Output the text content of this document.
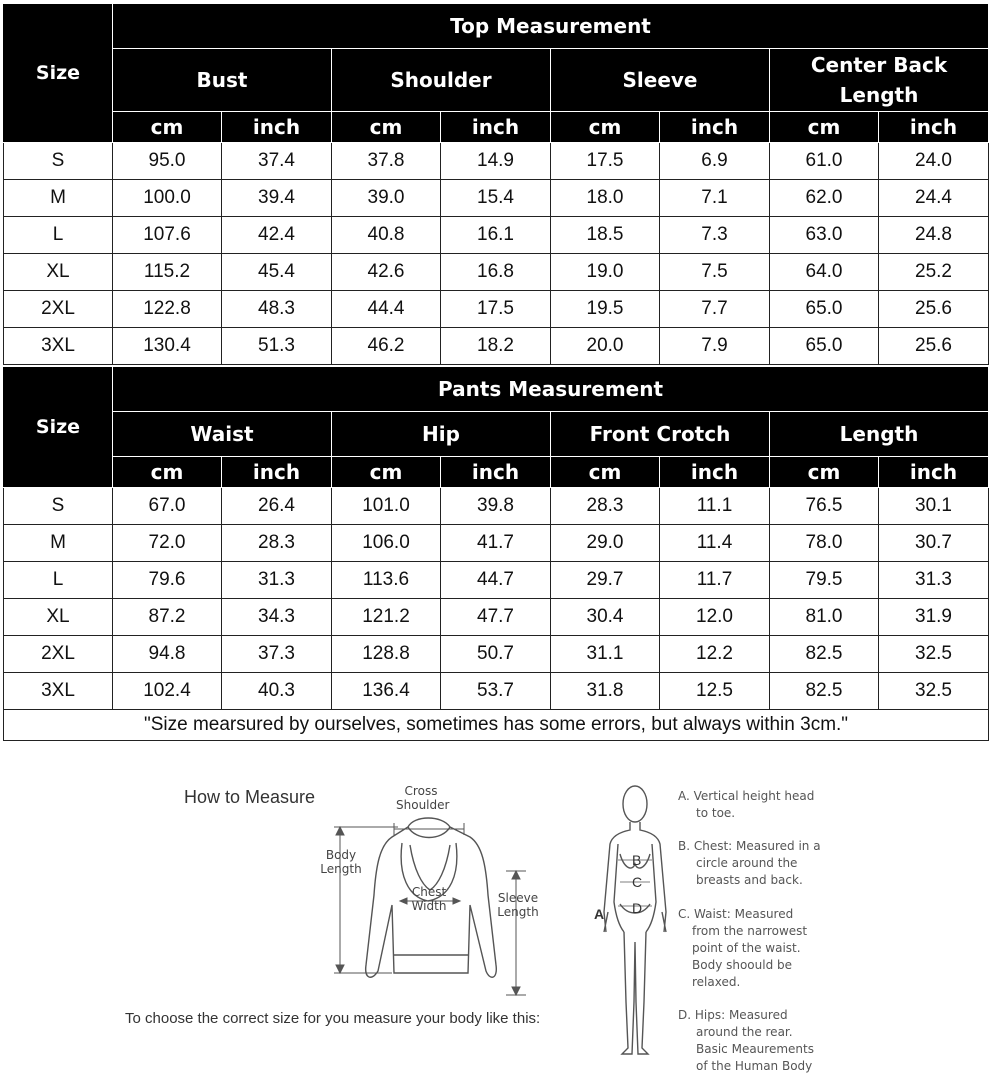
Size	Top Measurement							
	Bust		Shoulder		Sleeve		Center Back Length	
	cm	inch	cm	inch	cm	inch	cm	inch
S	95.0	37.4	37.8	14.9	17.5	6.9	61.0	24.0
M	100.0	39.4	39.0	15.4	18.0	7.1	62.0	24.4
L	107.6	42.4	40.8	16.1	18.5	7.3	63.0	24.8
XL	115.2	45.4	42.6	16.8	19.0	7.5	64.0	25.2
2XL	122.8	48.3	44.4	17.5	19.5	7.7	65.0	25.6
3XL	130.4	51.3	46.2	18.2	20.0	7.9	65.0	25.6
Size	Pants Measurement							
	Waist		Hip		Front Crotch		Length	
	cm	inch	cm	inch	cm	inch	cm	inch
S	67.0	26.4	101.0	39.8	28.3	11.1	76.5	30.1
M	72.0	28.3	106.0	41.7	29.0	11.4	78.0	30.7
L	79.6	31.3	113.6	44.7	29.7	11.7	79.5	31.3
XL	87.2	34.3	121.2	47.7	30.4	12.0	81.0	31.9
2XL	94.8	37.3	128.8	50.7	31.1	12.2	82.5	32.5
3XL	102.4	40.3	136.4	53.7	31.8	12.5	82.5	32.5
"Size mearsured by ourselves, sometimes has some errors, but always within 3cm."								
How to Measure
To choose the correct size for you measure your body like this:
Cross
Shoulder
Body
Length
Chest
Width
Sleeve
Length	A
B
C
D
A. Vertical height head
to toe.
B. Chest: Measured in a
circle around the
breasts and back.
C. Waist: Measured
from the narrowest
point of the waist.
Body shoould be
relaxed.
D. Hips: Measured
around the rear.
Basic Meaurements
of the Human Body
